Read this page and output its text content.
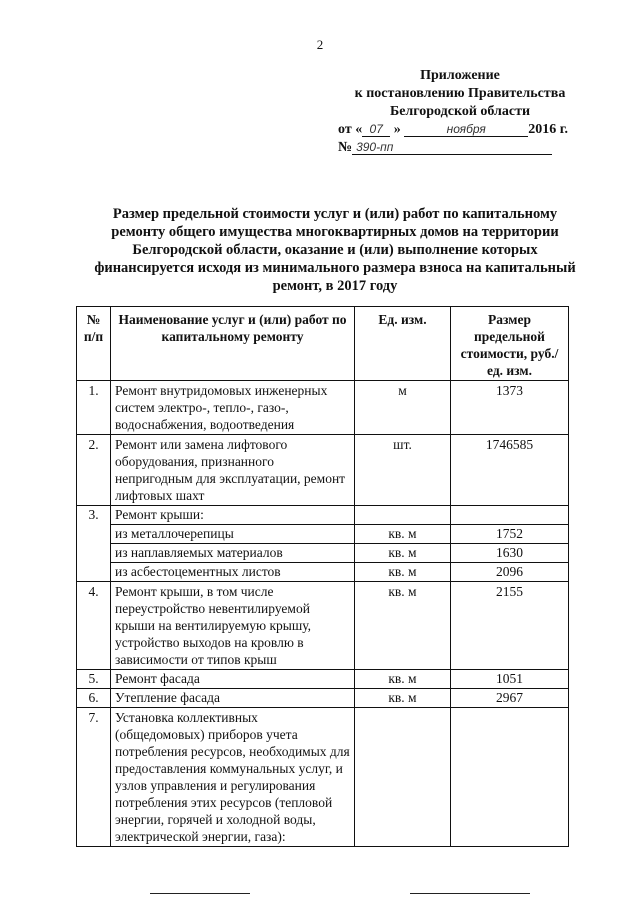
2
Приложение
к постановлению Правительства
Белгородской области
от « 07 »	ноября	2016 г.
№ 390-пп
Размер предельной стоимости услуг и (или) работ по капитальному ремонту общего имущества многоквартирных домов на территории Белгородской области, оказание и (или) выполнение которых финансируется исходя из минимального размера взноса на капитальный ремонт, в 2017 году
№ п/п	Наименование услуг и (или) работ по капитальному ремонту	Ед. изм.	Размер предельной стоимости, руб./ед. изм.
1.	Ремонт внутридомовых инженерных систем электро-, тепло-, газо-, водоснабжения, водоотведения	м	1373
2.	Ремонт или замена лифтового оборудования, признанного непригодным для эксплуатации, ремонт лифтовых шахт	шт.	1746585
3.	Ремонт крыши:		
	из металлочерепицы	кв. м	1752
	из наплавляемых материалов	кв. м	1630
	из асбестоцементных листов	кв. м	2096
4.	Ремонт крыши, в том числе переустройство невентилируемой крыши на вентилируемую крышу, устройство выходов на кровлю в зависимости от типов крыш	кв. м	2155
5.	Ремонт фасада	кв. м	1051
6.	Утепление фасада	кв. м	2967
7.	Установка коллективных (общедомовых) приборов учета потребления ресурсов, необходимых для предоставления коммунальных услуг, и узлов управления и регулирования потребления этих ресурсов (тепловой энергии, горячей и холодной воды, электрической энергии, газа):		
